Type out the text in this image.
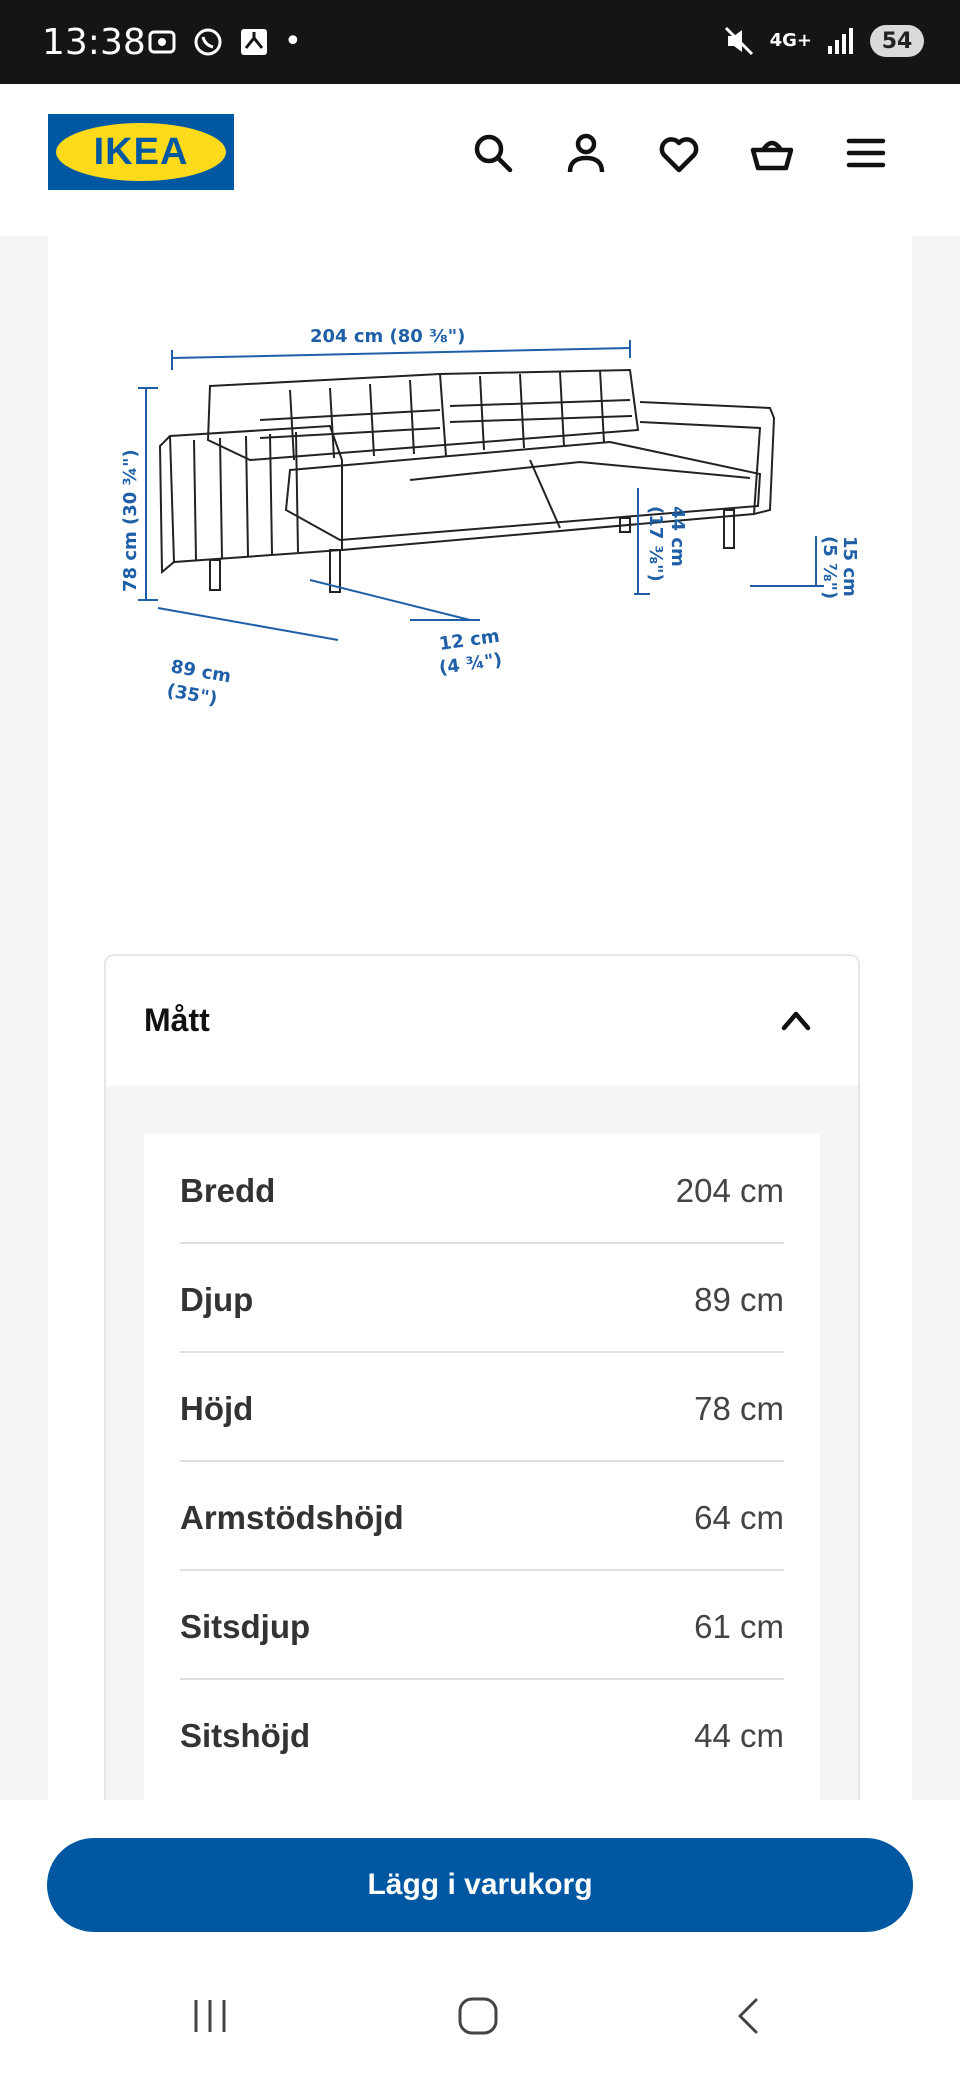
13:38	•	4G+	54
IKEA
204 cm (80 ⅜")
78 cm (30 ¾")
89 cm
(35")
12 cm
(4 ¾")
44 cm
(17 ⅜")	15 cm
(5 ⅞")
Mått
Bredd	204 cm
Djup	89 cm
Höjd	78 cm
Armstödshöjd	64 cm
Sitsdjup	61 cm
Sitshöjd	44 cm
Lägg i varukorg
